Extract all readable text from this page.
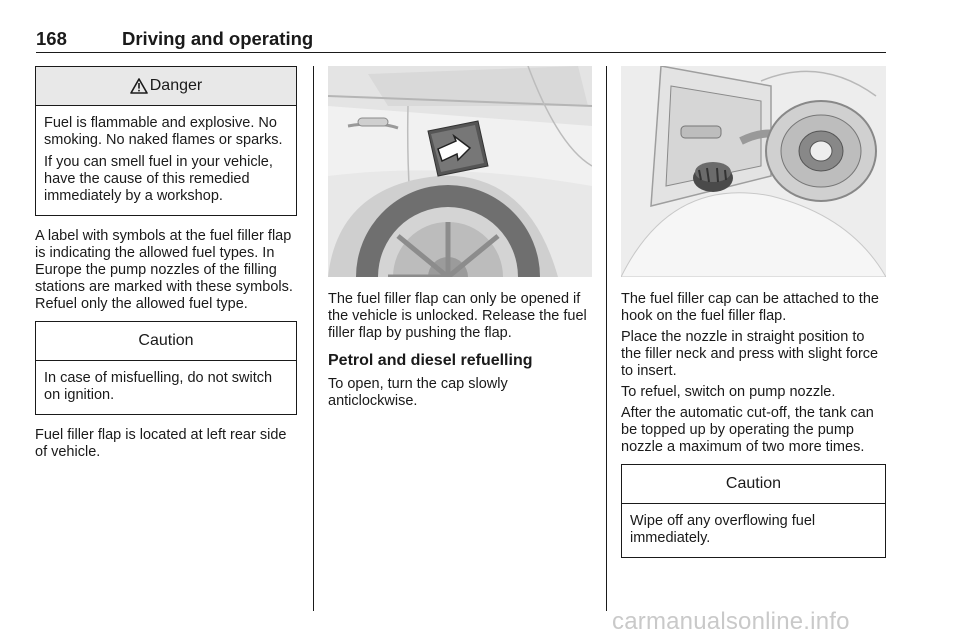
168	Driving and operating
Danger

Fuel is flammable and explosive. No smoking. No naked flames or sparks.

If you can smell fuel in your vehicle, have the cause of this remedied immediately by a workshop.

A label with symbols at the fuel filler flap is indicating the allowed fuel types. In Europe the pump nozzles of the filling stations are marked with these symbols. Refuel only the allowed fuel type.

Caution

In case of misfuelling, do not switch on ignition.

Fuel filler flap is located at left rear side of vehicle.

The fuel filler flap can only be opened if the vehicle is unlocked. Release the fuel filler flap by pushing the flap.

Petrol and diesel refuelling

To open, turn the cap slowly anticlockwise.

The fuel filler cap can be attached to the hook on the fuel filler flap.

Place the nozzle in straight position to the filler neck and press with slight force to insert.

To refuel, switch on pump nozzle.

After the automatic cut-off, the tank can be topped up by operating the pump nozzle a maximum of two more times.

Caution

Wipe off any overflowing fuel immediately.

carmanualsonline.info
